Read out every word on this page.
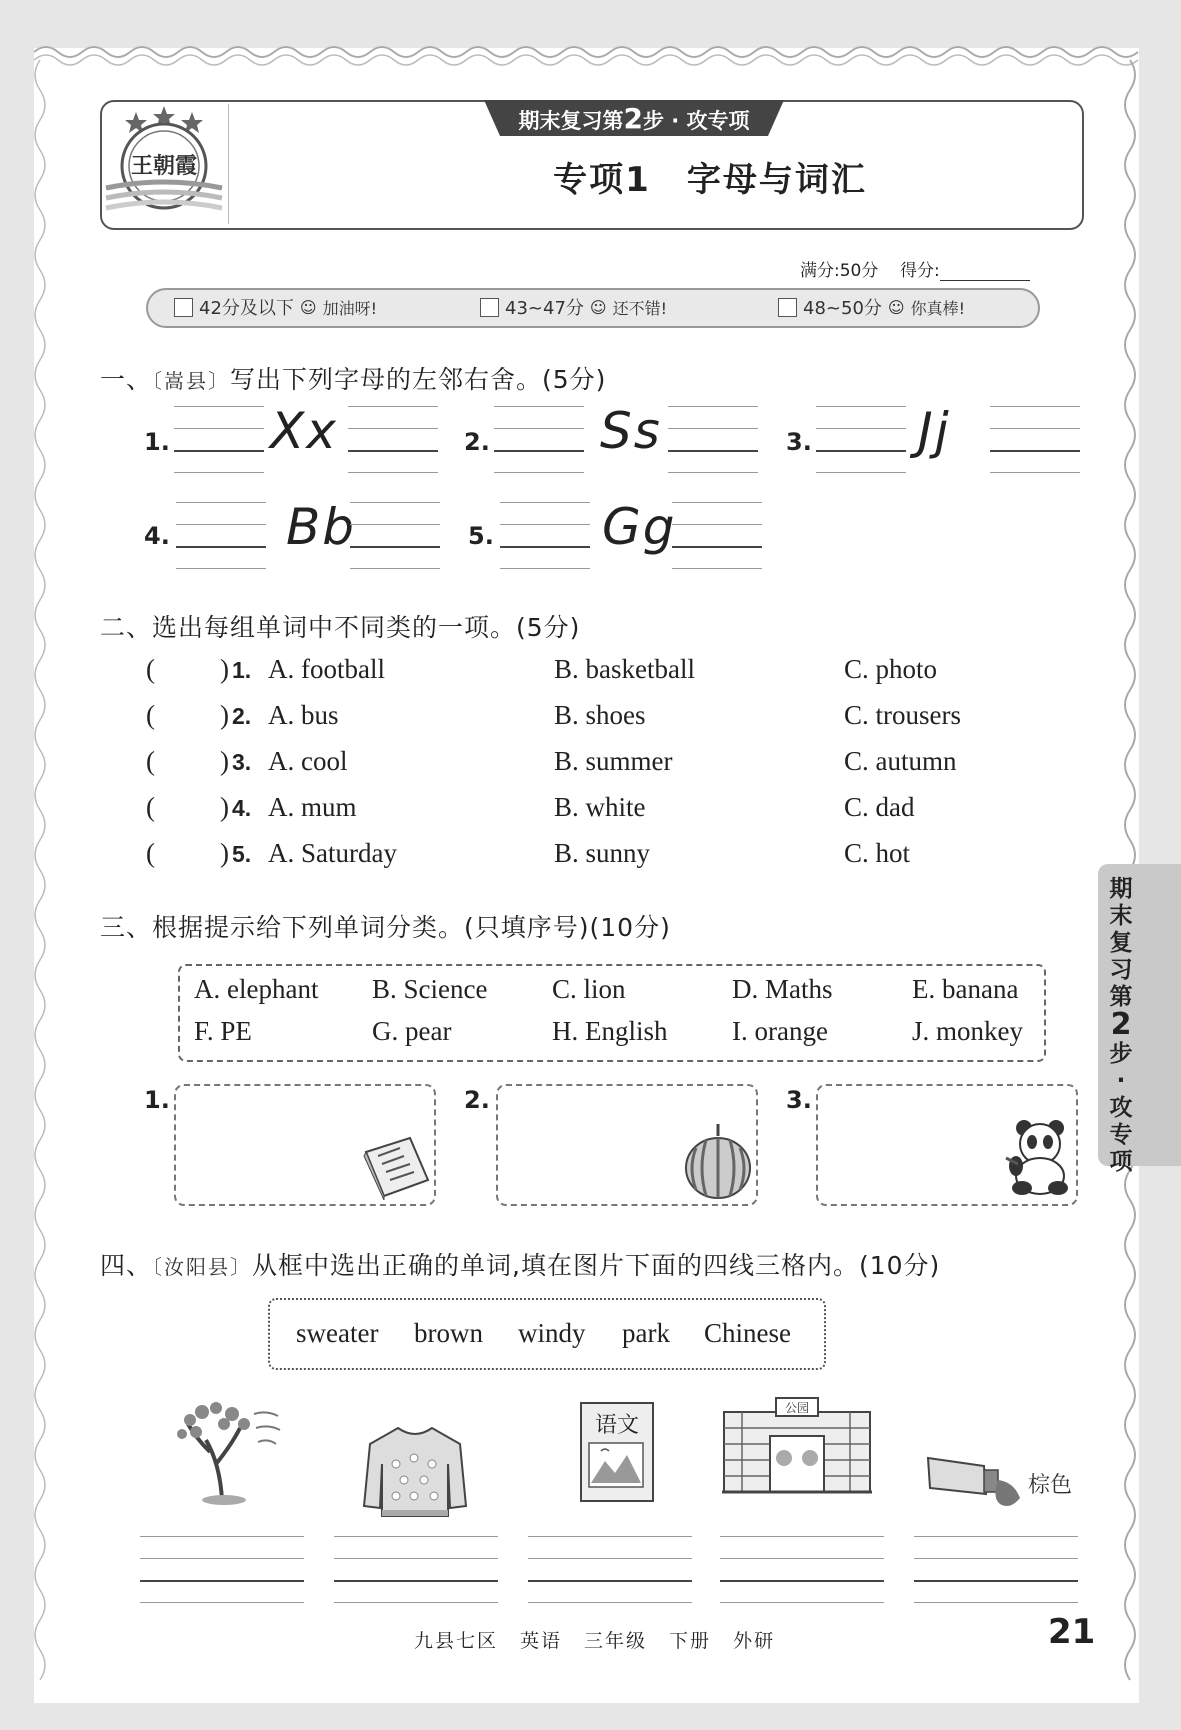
期末复习第2步 · 攻专项
专项1　字母与词汇
王朝霞
满分:50分 得分:
42分及以下 ☺ 加油呀!	43~47分 ☺ 还不错!	48~50分 ☺ 你真棒!
一、〔嵩县〕写出下列字母的左邻右舍。(5分)
1. Xx	2. Ss	3. Jj
4. Bb	5. Gg
二、选出每组单词中不同类的一项。(5分)
( ) 1. A. football	B. basketball	C. photo
( ) 2. A. bus	B. shoes	C. trousers
( ) 3. A. cool	B. summer	C. autumn
( ) 4. A. mum	B. white	C. dad
( ) 5. A. Saturday	B. sunny	C. hot
三、根据提示给下列单词分类。(只填序号)(10分)
A. elephant B. Science C. lion	D. Maths	E. banana
F. PE	G. pear	H. English I. orange	J. monkey
1.	2.	3.
四、〔汝阳县〕从框中选出正确的单词,填在图片下面的四线三格内。(10分)
sweater brown windy park Chinese
语文
公园
棕色
九县七区 英语 三年级 下册 外研	21
期末复习第2步·攻专项
